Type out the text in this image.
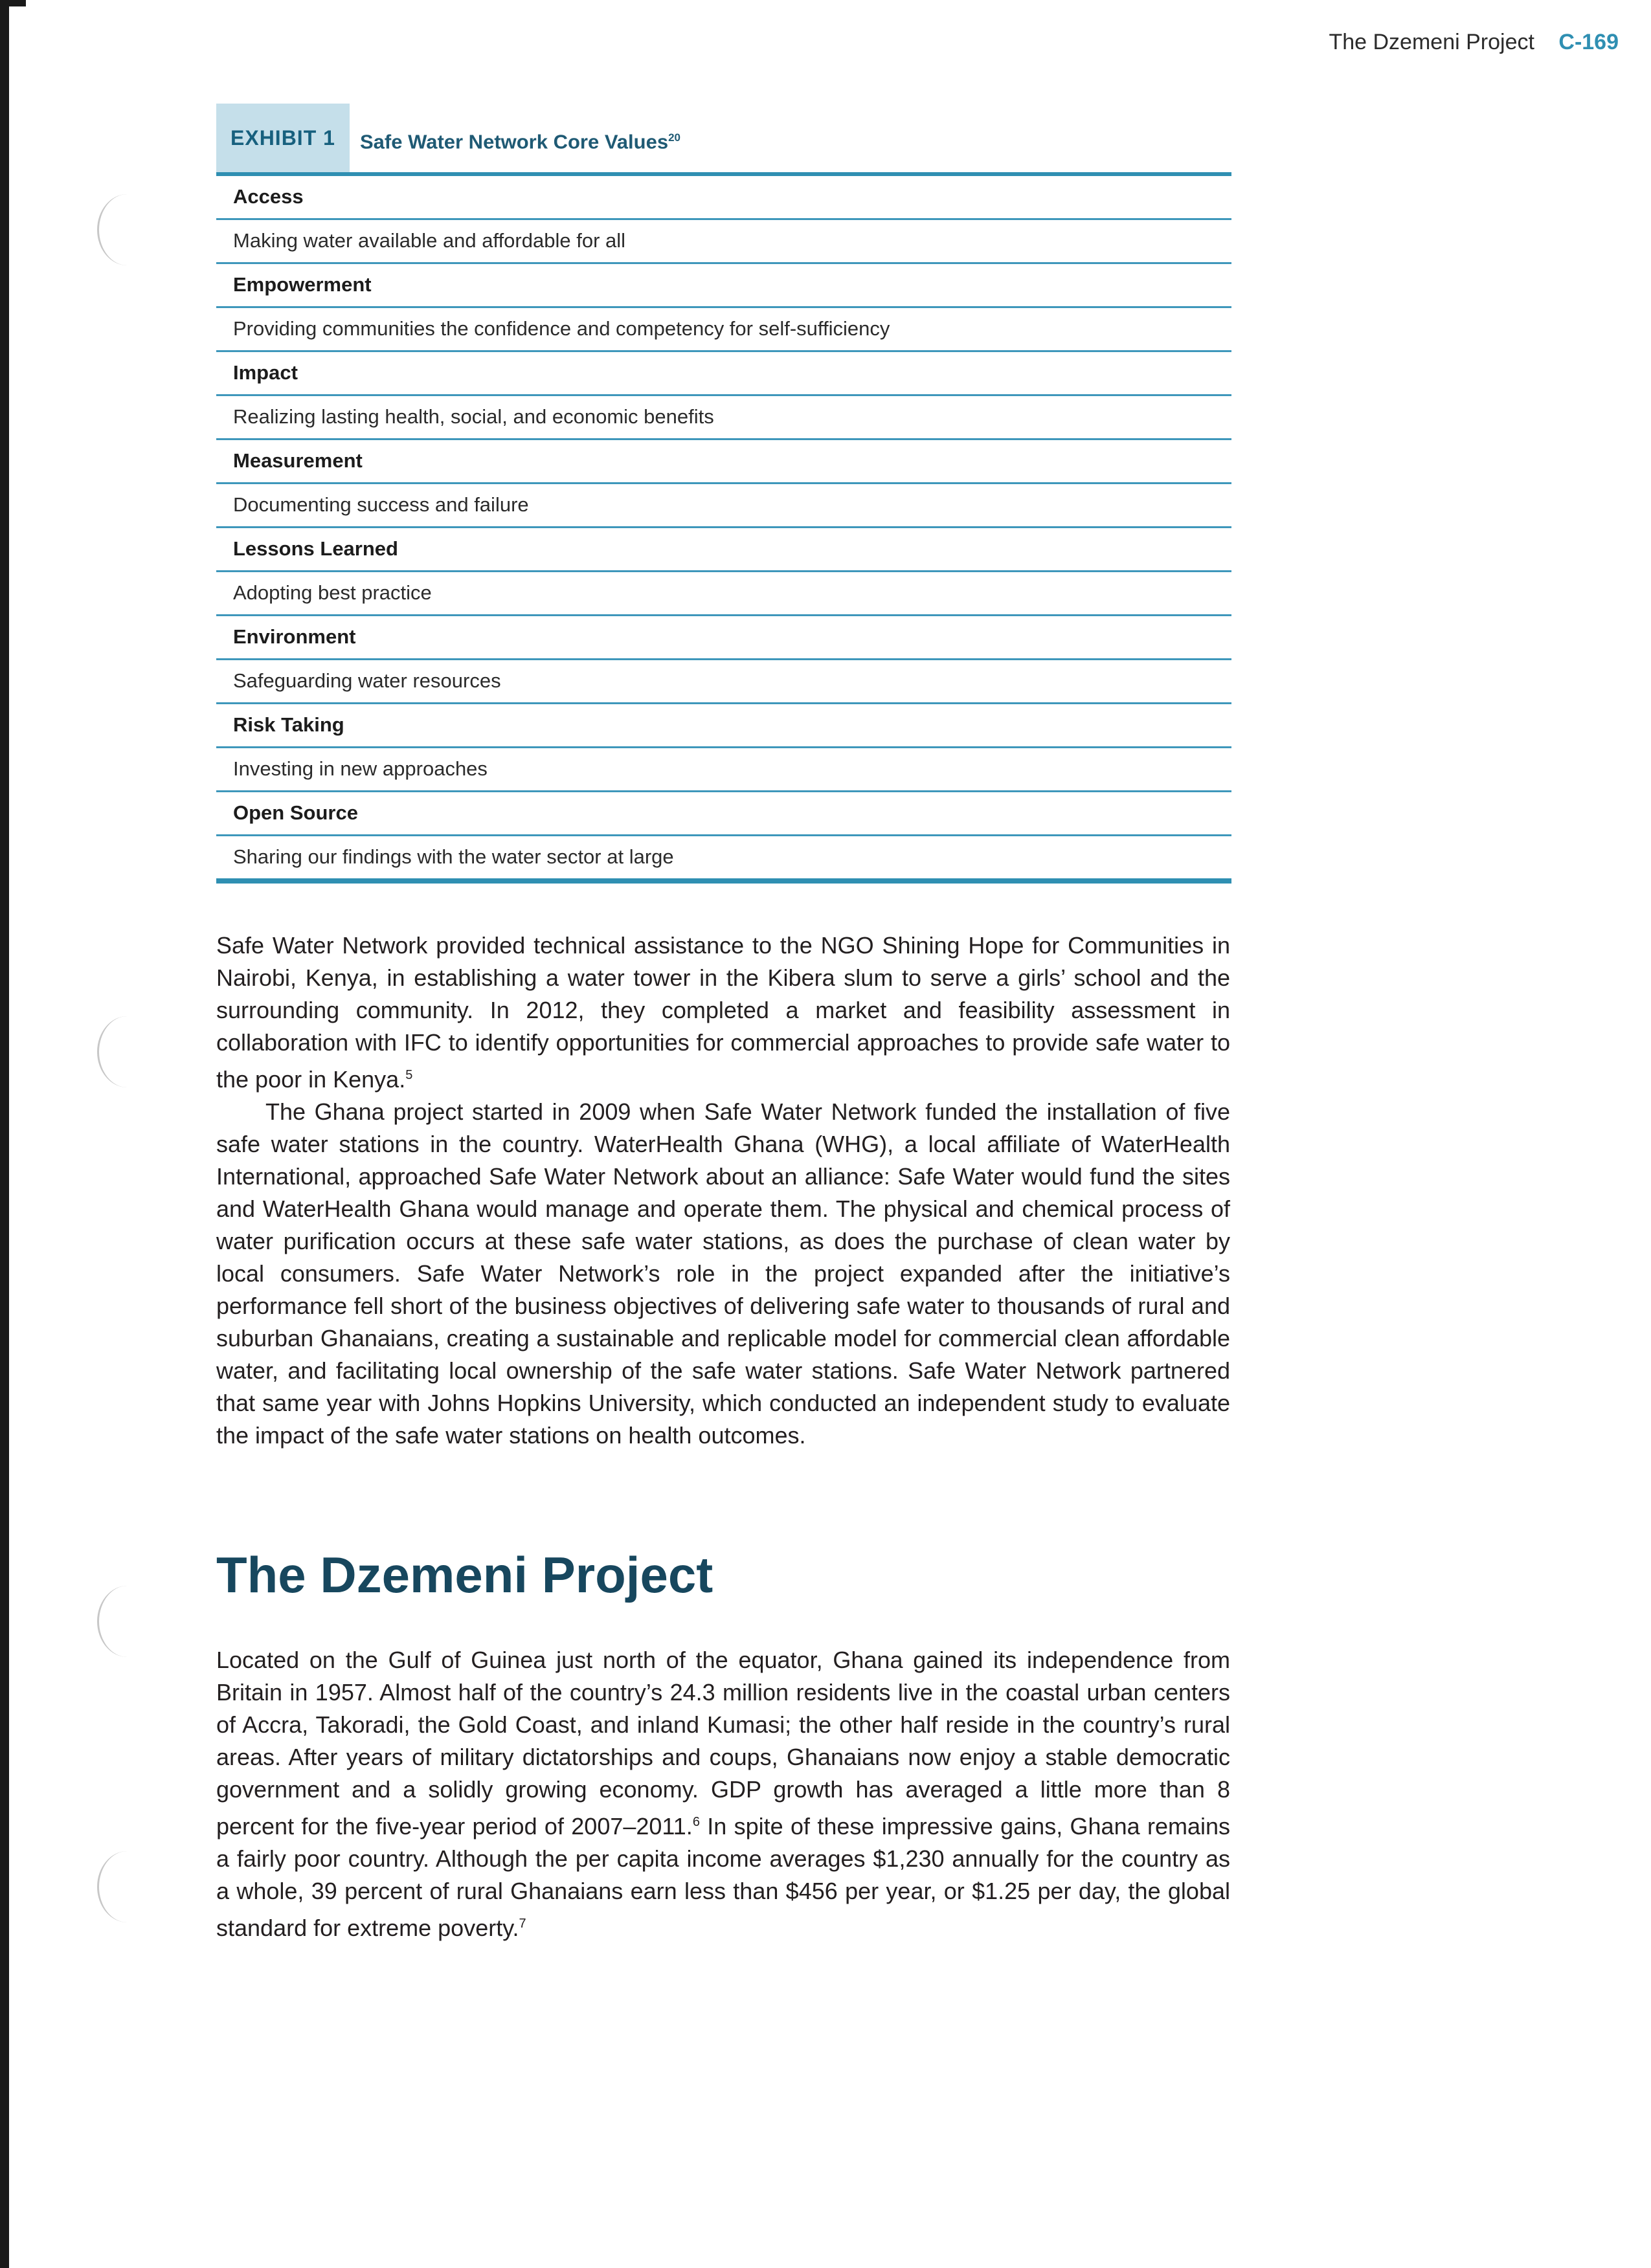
The Dzemeni Project C-169
EXHIBIT 1	Safe Water Network Core Values$^{20}$
Access
Making water available and affordable for all
Empowerment
Providing communities the confidence and competency for self-sufficiency
Impact
Realizing lasting health, social, and economic benefits
Measurement
Documenting success and failure
Lessons Learned
Adopting best practice
Environment
Safeguarding water resources
Risk Taking
Investing in new approaches
Open Source
Sharing our findings with the water sector at large

Safe Water Network provided technical assistance to the NGO Shining Hope for Communities in Nairobi, Kenya, in establishing a water tower in the Kibera slum to serve a girls’ school and the surrounding community. In 2012, they completed a market and feasibility assessment in collaboration with IFC to identify opportunities for commercial approaches to provide safe water to the poor in Kenya.$^5$

The Ghana project started in 2009 when Safe Water Network funded the installation of five safe water stations in the country. WaterHealth Ghana (WHG), a local affiliate of WaterHealth International, approached Safe Water Network about an alliance: Safe Water would fund the sites and WaterHealth Ghana would manage and operate them. The physical and chemical process of water purification occurs at these safe water stations, as does the purchase of clean water by local consumers. Safe Water Network’s role in the project expanded after the initiative’s performance fell short of the business objectives of delivering safe water to thousands of rural and suburban Ghanaians, creating a sustainable and replicable model for commercial clean affordable water, and facilitating local ownership of the safe water stations. Safe Water Network partnered that same year with Johns Hopkins University, which conducted an independent study to evaluate the impact of the safe water stations on health outcomes.

The Dzemeni Project

Located on the Gulf of Guinea just north of the equator, Ghana gained its independence from Britain in 1957. Almost half of the country’s 24.3 million residents live in the coastal urban centers of Accra, Takoradi, the Gold Coast, and inland Kumasi; the other half reside in the country’s rural areas. After years of military dictatorships and coups, Ghanaians now enjoy a stable democratic government and a solidly growing economy. GDP growth has averaged a little more than 8 percent for the five-year period of 2007–2011.$^6$ In spite of these impressive gains, Ghana remains a fairly poor country. Although the per capita income averages $1,230 annually for the country as a whole, 39 percent of rural Ghanaians earn less than $456 per year, or $1.25 per day, the global standard for extreme poverty.$^7$
